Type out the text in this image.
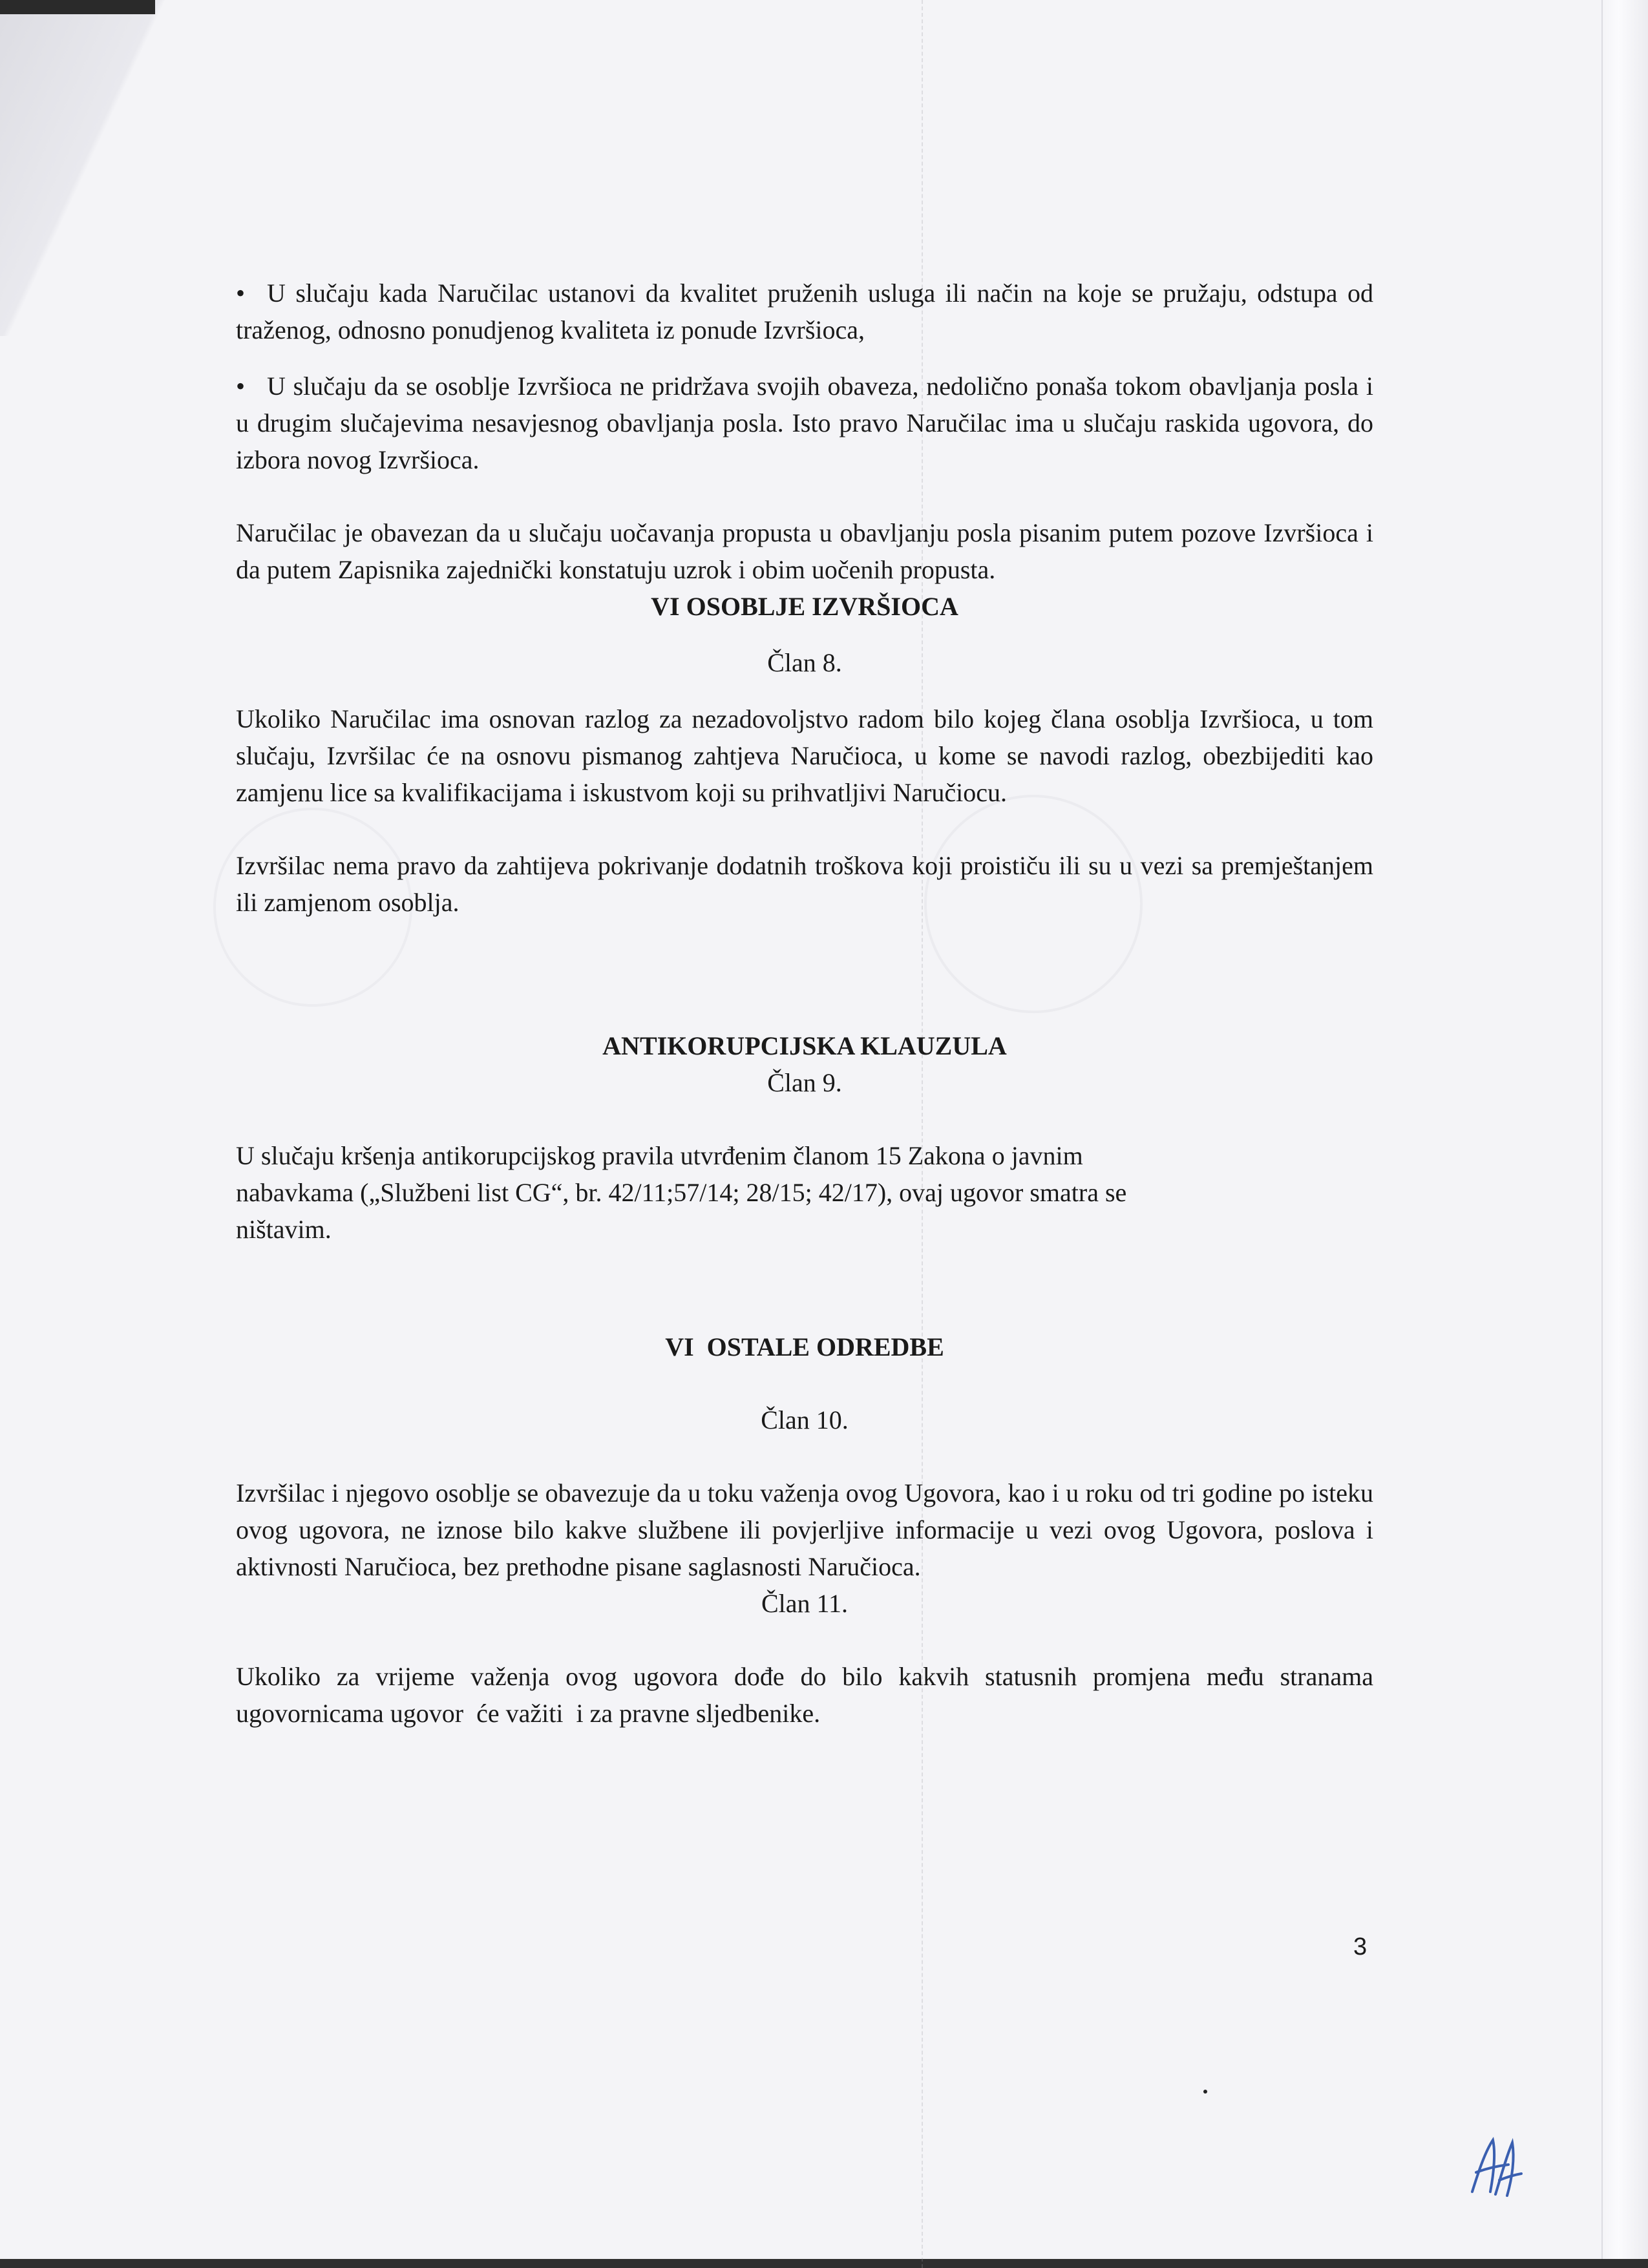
• U slučaju kada Naručilac ustanovi da kvalitet pruženih usluga ili način na koje se pružaju, odstupa od traženog, odnosno ponudjenog kvaliteta iz ponude Izvršioca,

• U slučaju da se osoblje Izvršioca ne pridržava svojih obaveza, nedolično ponaša tokom obavljanja posla i u drugim slučajevima nesavjesnog obavljanja posla. Isto pravo Naručilac ima u slučaju raskida ugovora, do izbora novog Izvršioca.

Naručilac je obavezan da u slučaju uočavanja propusta u obavljanju posla pisanim putem pozove Izvršioca i da putem Zapisnika zajednički konstatuju uzrok i obim uočenih propusta.

VI OSOBLJE IZVRŠIOCA

Član 8.

Ukoliko Naručilac ima osnovan razlog za nezadovoljstvo radom bilo kojeg člana osoblja Izvršioca, u tom slučaju, Izvršilac će na osnovu pismanog zahtjeva Naručioca, u kome se navodi razlog, obezbijediti kao zamjenu lice sa kvalifikacijama i iskustvom koji su prihvatljivi Naručiocu.

Izvršilac nema pravo da zahtijeva pokrivanje dodatnih troškova koji proističu ili su u vezi sa premještanjem ili zamjenom osoblja.

ANTIKORUPCIJSKA KLAUZULA

Član 9.

U slučaju kršenja antikorupcijskog pravila utvrđenim članom 15 Zakona o javnim
nabavkama („Službeni list CG“, br. 42/11;57/14; 28/15; 42/17), ovaj ugovor smatra se
ništavim.

VI  OSTALE ODREDBE

Član 10.

Izvršilac i njegovo osoblje se obavezuje da u toku važenja ovog Ugovora, kao i u roku od tri godine po isteku ovog ugovora, ne iznose bilo kakve službene ili povjerljive informacije u vezi ovog Ugovora, poslova i aktivnosti Naručioca, bez prethodne pisane saglasnosti Naručioca.

Član 11.

Ukoliko za vrijeme važenja ovog ugovora dođe do bilo kakvih statusnih promjena među stranama ugovornicama ugovor  će važiti  i za pravne sljedbenike.

3
